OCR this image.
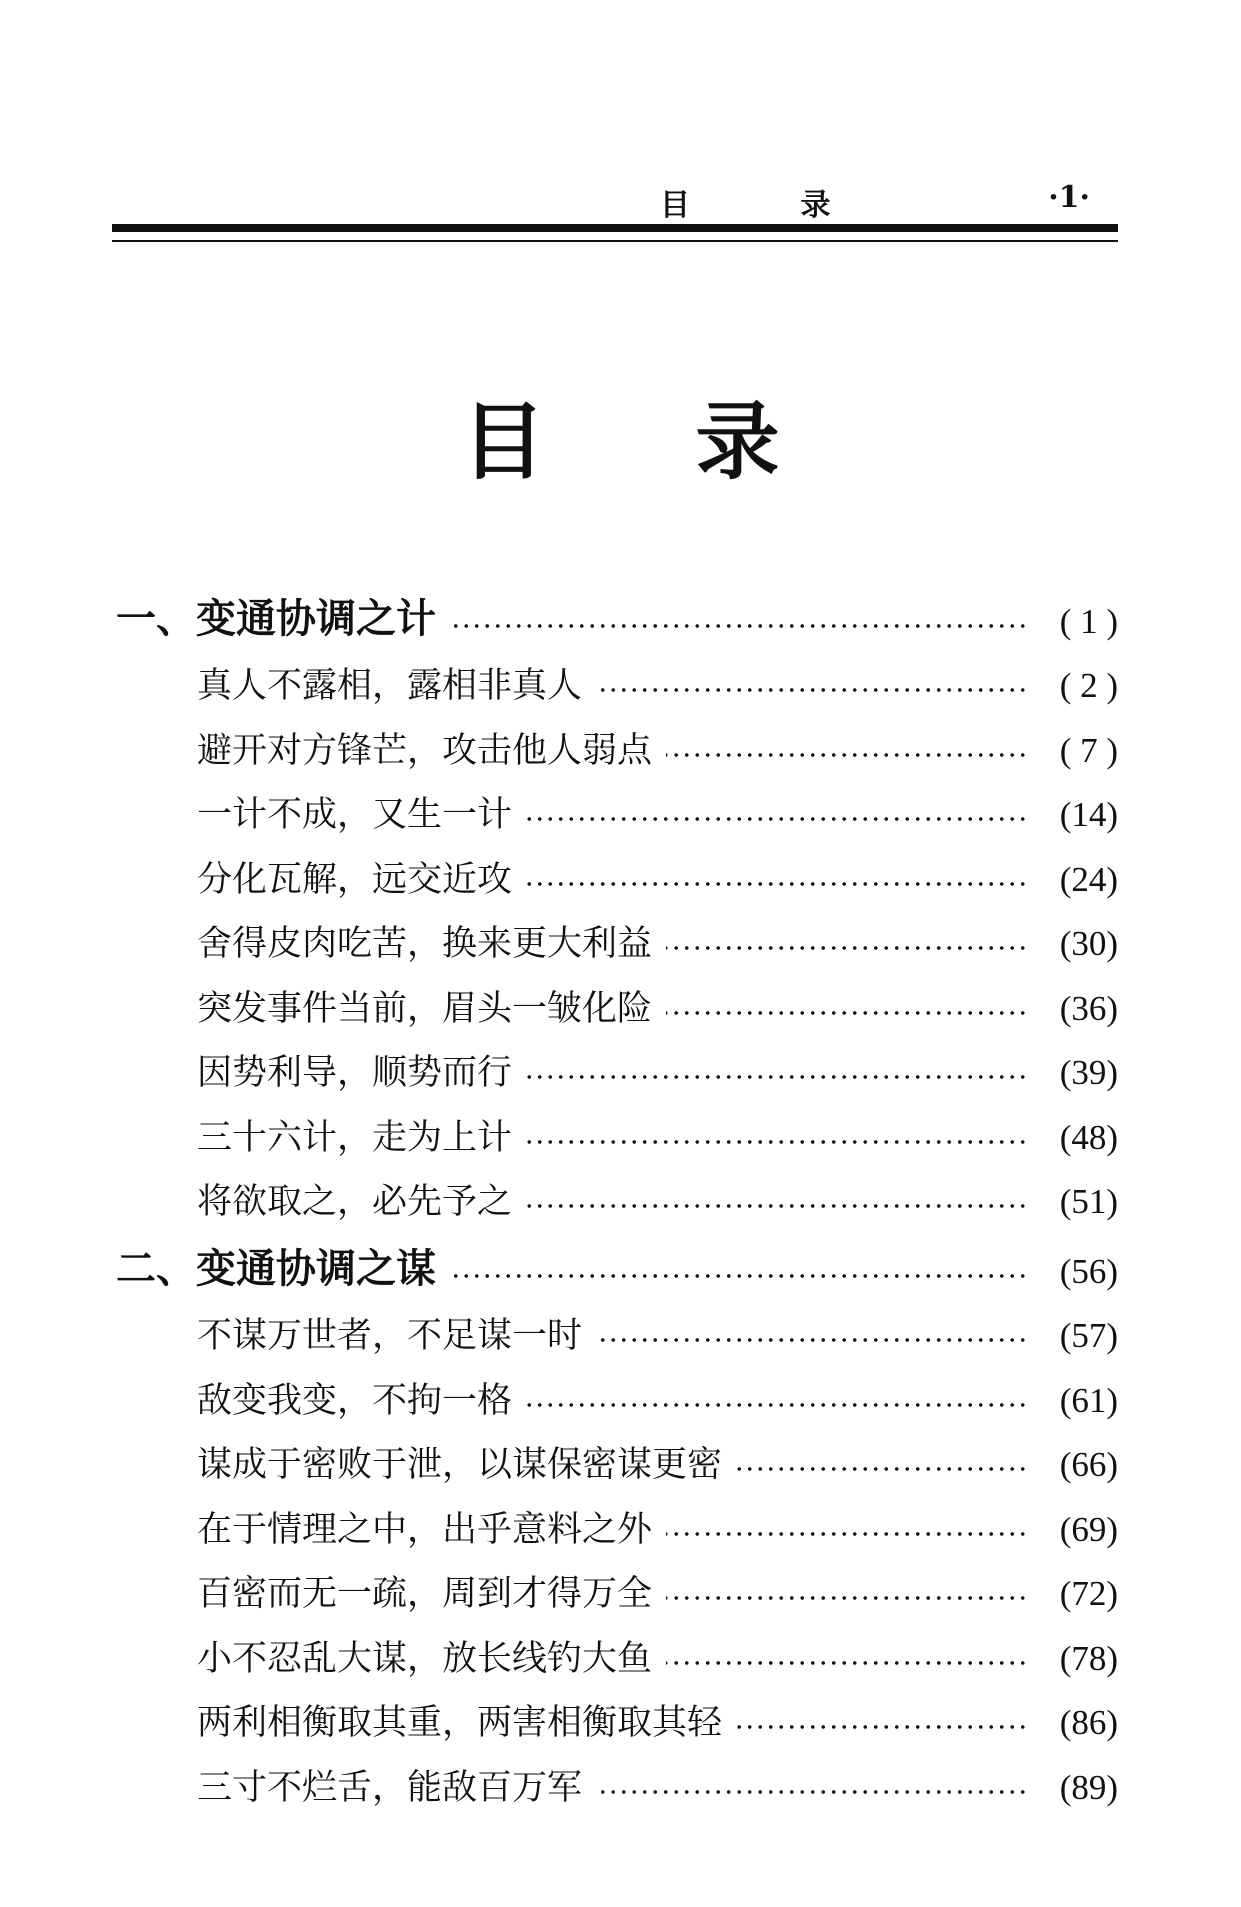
目 录	·1·
目录
一、变通协调之计	( 1 )
真人不露相，露相非真人	( 2 )
避开对方锋芒，攻击他人弱点	( 7 )
一计不成，又生一计	(14)
分化瓦解，远交近攻	(24)
舍得皮肉吃苦，换来更大利益	(30)
突发事件当前，眉头一皱化险	(36)
因势利导，顺势而行	(39)
三十六计，走为上计	(48)
将欲取之，必先予之	(51)
二、变通协调之谋	(56)
不谋万世者，不足谋一时	(57)
敌变我变，不拘一格	(61)
谋成于密败于泄，以谋保密谋更密	(66)
在于情理之中，出乎意料之外	(69)
百密而无一疏，周到才得万全	(72)
小不忍乱大谋，放长线钓大鱼	(78)
两利相衡取其重，两害相衡取其轻	(86)
三寸不烂舌，能敌百万军	(89)
